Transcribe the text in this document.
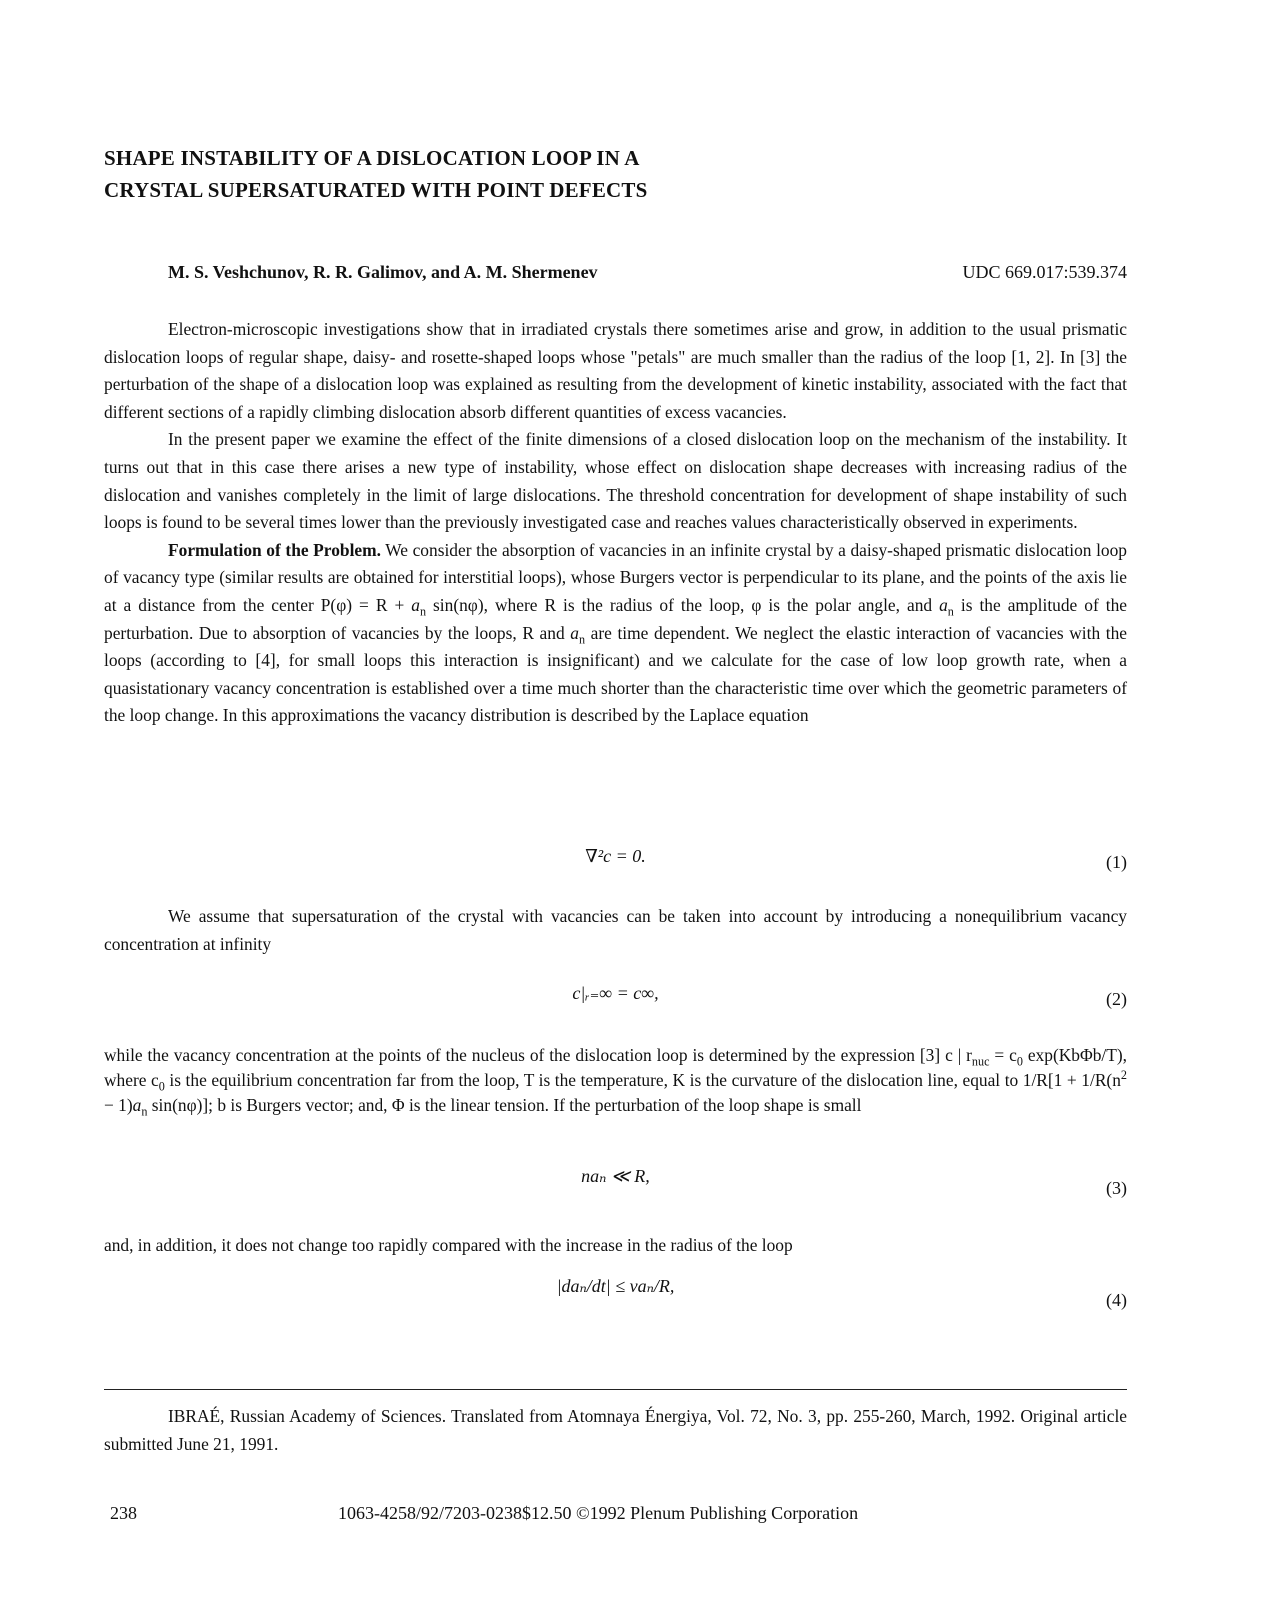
SHAPE INSTABILITY OF A DISLOCATION LOOP IN A
CRYSTAL SUPERSATURATED WITH POINT DEFECTS
M. S. Veshchunov, R. R. Galimov, and A. M. Shermenev	UDC 669.017:539.374

Electron-microscopic investigations show that in irradiated crystals there sometimes arise and grow, in addition to the usual prismatic dislocation loops of regular shape, daisy- and rosette-shaped loops whose "petals" are much smaller than the radius of the loop [1, 2]. In [3] the perturbation of the shape of a dislocation loop was explained as resulting from the development of kinetic instability, associated with the fact that different sections of a rapidly climbing dislocation absorb different quantities of excess vacancies.

In the present paper we examine the effect of the finite dimensions of a closed dislocation loop on the mechanism of the instability. It turns out that in this case there arises a new type of instability, whose effect on dislocation shape decreases with increasing radius of the dislocation and vanishes completely in the limit of large dislocations. The threshold concentration for development of shape instability of such loops is found to be several times lower than the previously investigated case and reaches values characteristically observed in experiments.

Formulation of the Problem. We consider the absorption of vacancies in an infinite crystal by a daisy-shaped prismatic dislocation loop of vacancy type (similar results are obtained for interstitial loops), whose Burgers vector is perpendicular to its plane, and the points of the axis lie at a distance from the center $P(\varphi) = R + a_n$ sin(nφ), where R is the radius of the loop, φ is the polar angle, and $a_n$ is the amplitude of the perturbation. Due to absorption of vacancies by the loops, R and $a_n$ are time dependent. We neglect the elastic interaction of vacancies with the loops (according to [4], for small loops this interaction is insignificant) and we calculate for the case of low loop growth rate, when a quasistationary vacancy concentration is established over a time much shorter than the characteristic time over which the geometric parameters of the loop change. In this approximations the vacancy distribution is described by the Laplace equation

∇²c = 0.	(1)

We assume that supersaturation of the crystal with vacancies can be taken into account by introducing a nonequilibrium vacancy concentration at infinity

c|ᵣ₌∞ = c∞,	(2)

while the vacancy concentration at the points of the nucleus of the dislocation loop is determined by the expression [3] c | $r_{nuc} = c_0$ exp(KbΦb/T), where $c_0$ is the equilibrium concentration far from the loop, T is the temperature, K is the curvature of the dislocation line, equal to $1/R[1 + 1/R(n^2 - 1)a_n$ sin(nφ)]; b is Burgers vector; and, Φ is the linear tension. If the perturbation of the loop shape is small

naₙ ≪ R,
(3)

and, in addition, it does not change too rapidly compared with the increase in the radius of the loop

|daₙ/dt| ≤ vaₙ/R,
(4)

IBRAÉ, Russian Academy of Sciences. Translated from Atomnaya Énergiya, Vol. 72, No. 3, pp. 255-260, March, 1992. Original article submitted June 21, 1991.

238	1063-4258/92/7203-0238$12.50 ©1992 Plenum Publishing Corporation
